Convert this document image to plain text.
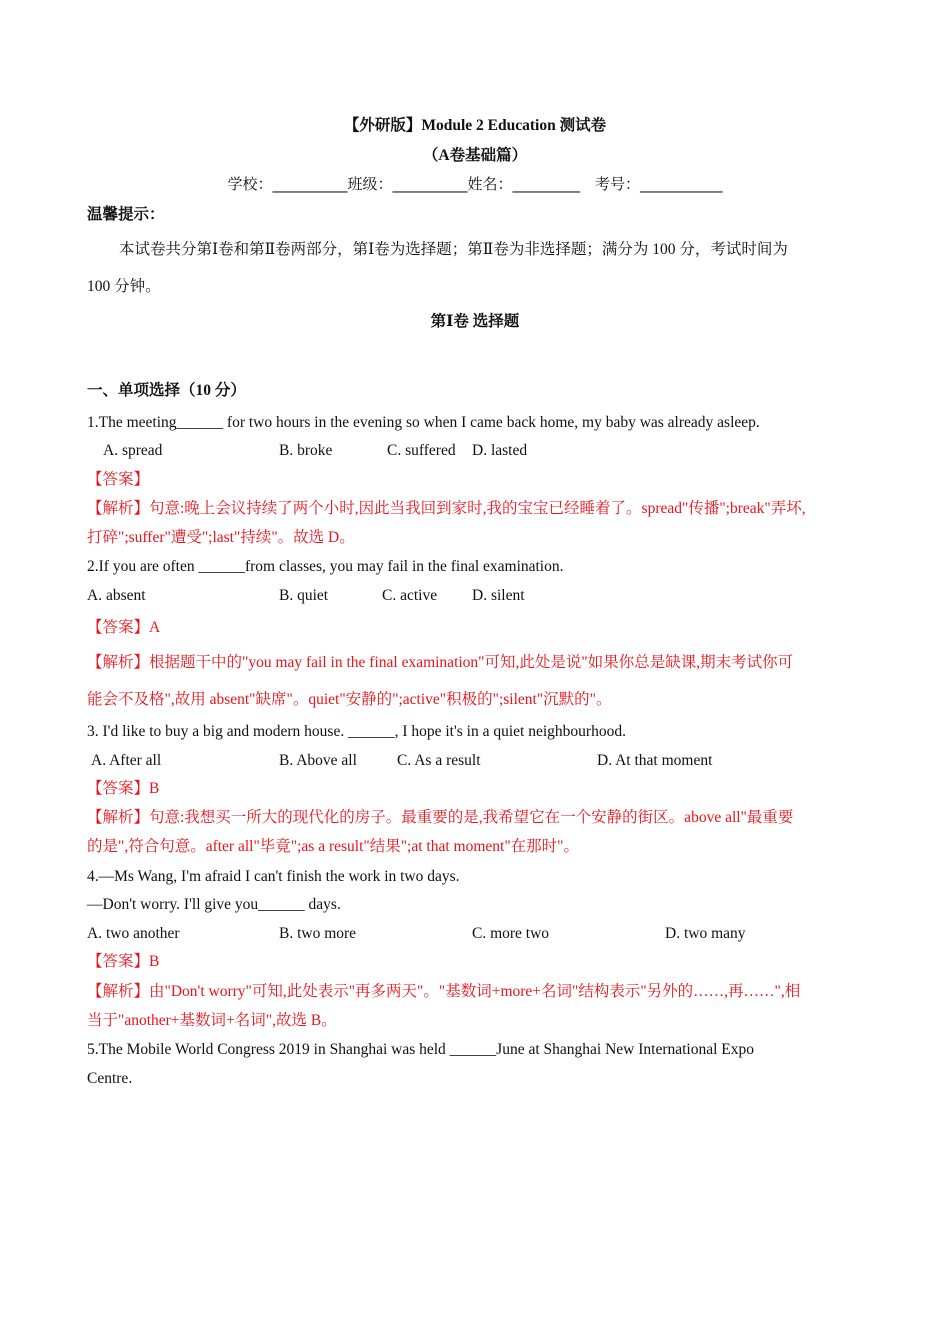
【外研版】Module 2 Education 测试卷
（A卷基础篇）
学校：__________班级：__________姓名：_________　考号：___________
温馨提示：
本试卷共分第Ⅰ卷和第Ⅱ卷两部分，第Ⅰ卷为选择题；第Ⅱ卷为非选择题；满分为 100 分，考试时间为
100 分钟。
第Ⅰ卷 选择题
一、单项选择（10 分）
1.The meeting______ for two hours in the evening so when I came back home, my baby was already asleep.
A. spread	B. broke	C. suffered D. lasted
【答案】
【解析】句意:晚上会议持续了两个小时,因此当我回到家时,我的宝宝已经睡着了。spread"传播";break"弄坏,
打碎";suffer"遭受";last"持续"。故选 D。
2.If you are often ______from classes, you may fail in the final examination.
A. absent	B. quiet	C. active D. silent
【答案】A
【解析】根据题干中的"you may fail in the final examination"可知,此处是说"如果你总是缺课,期末考试你可
能会不及格",故用 absent"缺席"。quiet"安静的";active"积极的";silent"沉默的"。
3. I'd like to buy a big and modern house. ______, I hope it's in a quiet neighbourhood.
A. After all	B. Above all	C. As a result	D. At that moment
【答案】B
【解析】句意:我想买一所大的现代化的房子。最重要的是,我希望它在一个安静的街区。above all"最重要
的是",符合句意。after all"毕竟";as a result"结果";at that moment"在那时"。
4.—Ms Wang, I'm afraid I can't finish the work in two days.
—Don't worry. I'll give you______ days.
A. two another	B. two more	C. more two	D. two many
【答案】B
【解析】由"Don't worry"可知,此处表示"再多两天"。"基数词+more+名词"结构表示"另外的……,再……",相
当于"another+基数词+名词",故选 B。
5.The Mobile World Congress 2019 in Shanghai was held ______June at Shanghai New International Expo
Centre.
